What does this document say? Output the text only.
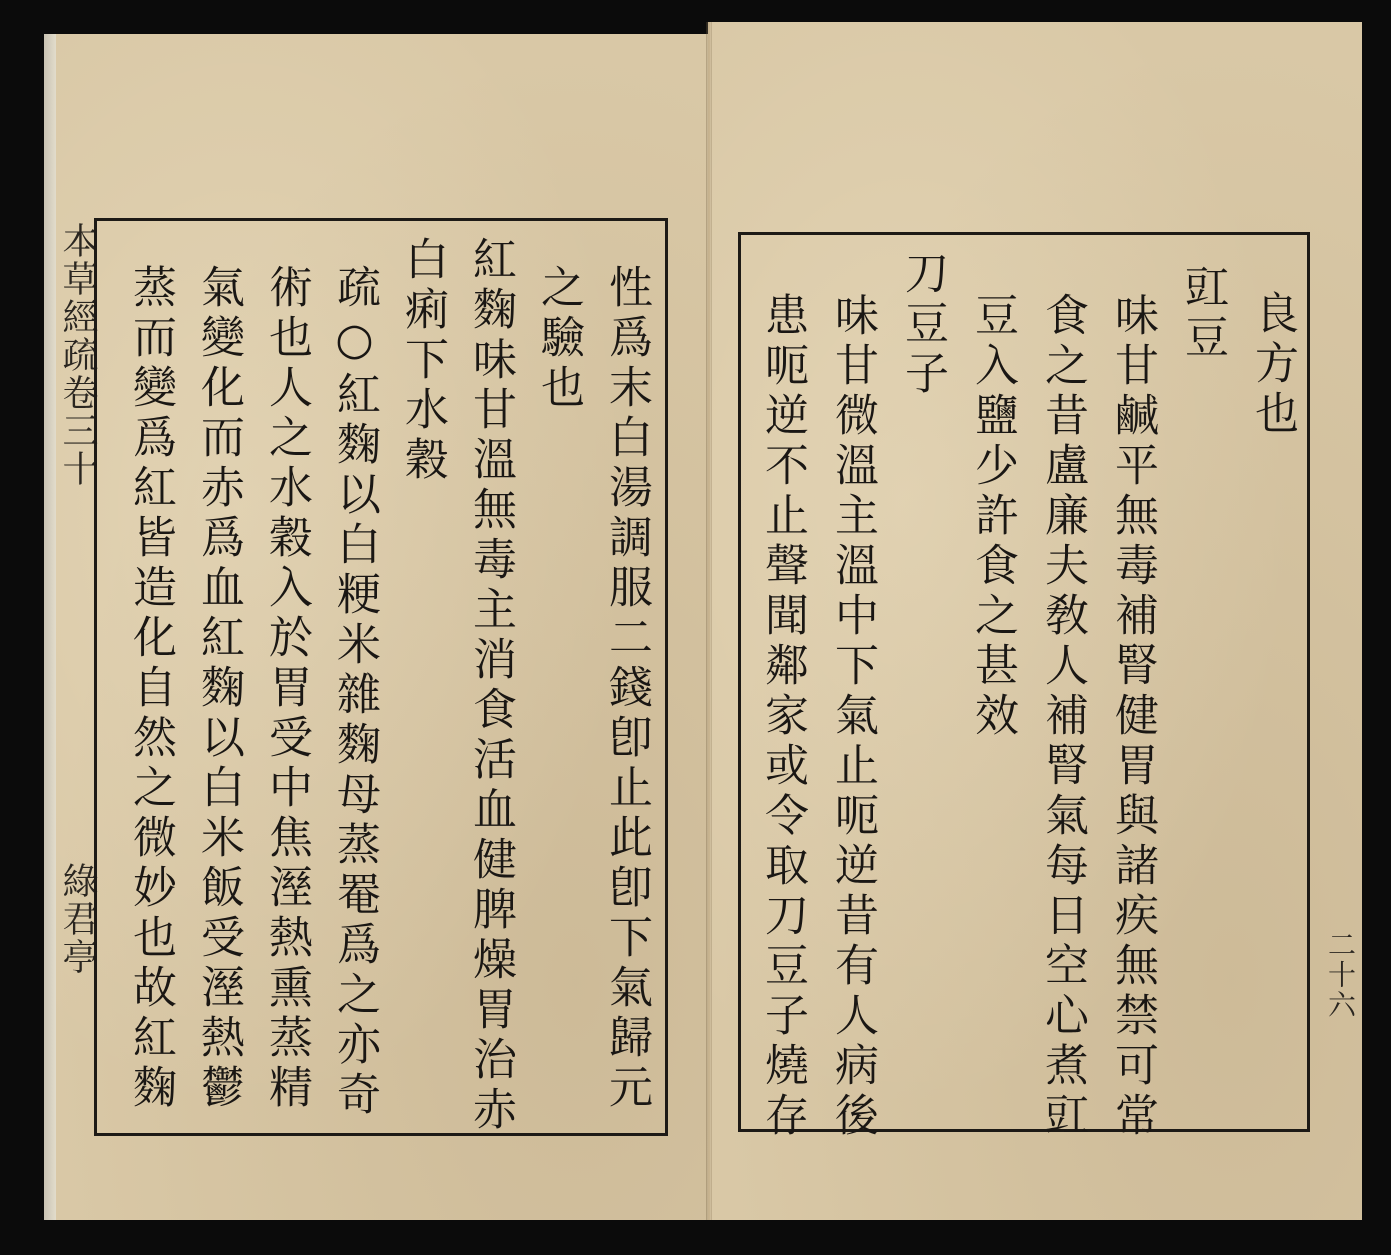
本草經疏卷三十
綠君亭	性爲末白湯調服二錢卽止此卽下氣歸元
之驗也
紅麴味甘溫無毒主消食活血健脾燥胃治赤
白痢下水穀
疏○紅麴以白粳米雜麴母蒸罨爲之亦奇
術也人之水穀入於胃受中焦溼熱熏蒸精
氣變化而赤爲血紅麴以白米飯受溼熱鬱
蒸而變爲紅皆造化自然之微妙也故紅麴	良方也
豇豆
味甘鹹平無毒補腎健胃與諸疾無禁可常
食之昔盧廉夫敎人補腎氣每日空心煮豇
豆入鹽少許食之甚效
刀豆子
味甘微溫主溫中下氣止呃逆昔有人病後
患呃逆不止聲聞鄰家或令取刀豆子燒存	二十六
